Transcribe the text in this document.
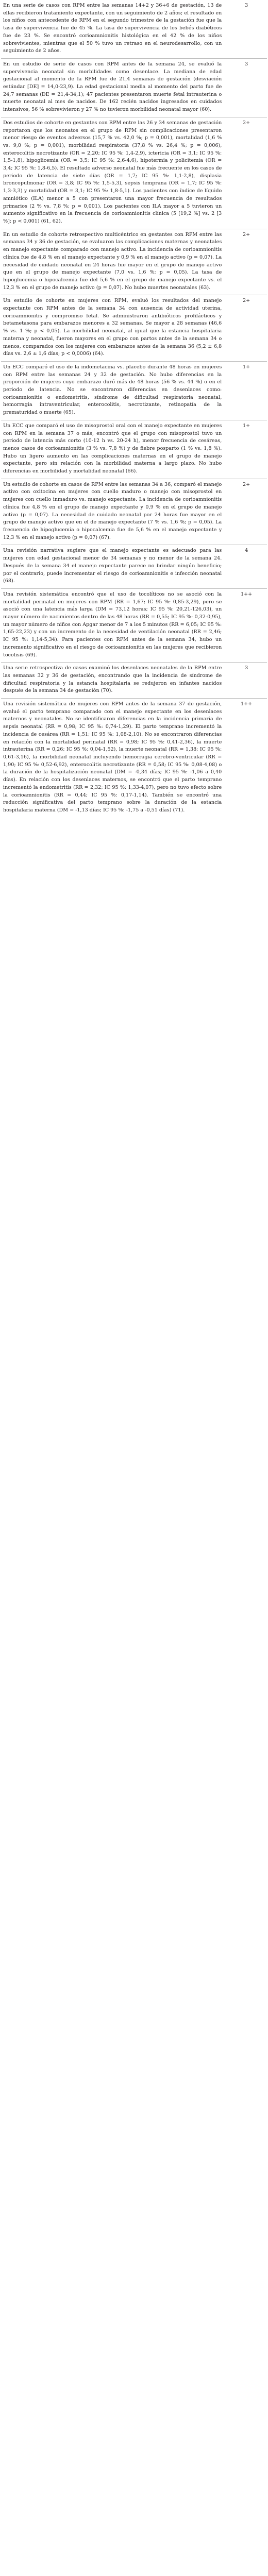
En una serie de casos con RPM entre las semanas 14+2 y 36+6 de gestación, 13 de ellas recibieron tratamiento expectante, con un seguimiento de 2 años; el resultado en los niños con antecedente de RPM en el segundo trimestre de la gestación fue que la tasa de supervivencia fue de 45 %. La tasa de supervivencia de los bebés diabéticos fue de 23 %. Se encontró corioamnionitis histológica en el 42 % de los niños sobrevivientes, mientras que el 50 % tuvo un retraso en el neurodesarrollo, con un seguimiento de 2 años.	3
En un estudio de serie de casos con RPM antes de la semana 24, se evaluó la supervivencia neonatal sin morbilidades como desenlace. La mediana de edad gestacional al momento de la RPM fue de 21,4 semanas de gestación (desviación estándar [DE] = 14,0-23,9). La edad gestacional media al momento del parto fue de 24,7 semanas (DE = 21,4-34,1); 47 pacientes presentaron muerte fetal intrauterina o muerte neonatal al mes de nacidos. De 162 recién nacidos ingresados en cuidados intensivos, 56 % sobrevivieron y 27 % no tuvieron morbilidad neonatal mayor (60).	3
Dos estudios de cohorte en gestantes con RPM entre las 26 y 34 semanas de gestación reportaron que los neonatos en el grupo de RPM sin complicaciones presentaron menor riesgo de eventos adversos (15,7 % vs. 42,0 %; p = 0,001), mortalidad (1,6 % vs. 9,0 %; p = 0,001), morbilidad respiratoria (37,8 % vs. 26,4 %; p = 0,006), enterocolitis necrotizante (OR = 2,20; IC 95 %: 1,4-2,9), ictericia (OR = 3,1; IC 95 %: 1,5-1,8), hipoglicemia (OR = 3,5; IC 95 %: 2,6-4,6), hipotermia y policitemia (OR = 3,4; IC 95 %: 1,8-6,5). El resultado adverso neonatal fue más frecuente en los casos de periodo de latencia de siete días (OR = 1,7; IC 95 %: 1,1-2,8), displasia broncopulmonar (OR = 3,8; IC 95 %: 1,5-5,3), sepsis temprana (OR = 1,7; IC 95 %: 1,3-3,3) y mortalidad (OR = 3,1; IC 95 %: 1,8-5,1). Los pacientes con índice de líquido amniótico (ILA) menor a 5 con presentaron una mayor frecuencia de resultados primarios (2 % vs. 7,8 %; p = 0,001). Los pacientes con ILA mayor a 5 tuvieron un aumento significativo en la frecuencia de corioamnionitis clínica (5 [19,2 %] vs. 2 [3 %]; p < 0,001) (61, 62).	2+
En un estudio de cohorte retrospectivo multicéntrico en gestantes con RPM entre las semanas 34 y 36 de gestación, se evaluaron las complicaciones maternas y neonatales en manejo expectante comparado con manejo activo. La incidencia de corioamnionitis clínica fue de 4,8 % en el manejo expectante y 0,9 % en el manejo activo (p = 0,07). La necesidad de cuidado neonatal en 24 horas fue mayor en el grupo de manejo activo que en el grupo de manejo expectante (7,0 vs. 1,6 %; p = 0,05). La tasa de hipoglucemia o hipocalcemia fue del 5,6 % en el grupo de manejo expectante vs. el 12,3 % en el grupo de manejo activo (p = 0,07). No hubo muertes neonatales (63).	2+
Un estudio de cohorte en mujeres con RPM, evaluó los resultados del manejo expectante con RPM antes de la semana 34 con ausencia de actividad uterina, corioamnionitis y compromiso fetal. Se administraron antibióticos profilácticos y betametasona para embarazos menores a 32 semanas. Se mayor a 28 semanas (46,6 % vs. 1 %; p < 0,05). La morbilidad neonatal, al igual que la estancia hospitalaria materna y neonatal, fueron mayores en el grupo con partos antes de la semana 34 o menos, comparados con los mujeres con embarazos antes de la semana 36 (5,2 ± 6,8 días vs. 2,6 ± 1,6 días; p < 0,0006) (64).	2+
Un ECC comparó el uso de la indometacina vs. placebo durante 48 horas en mujeres con RPM entre las semanas 24 y 32 de gestación. No hubo diferencias en la proporción de mujeres cuyo embarazo duró más de 48 horas (56 % vs. 44 %) o en el periodo de latencia. No se encontraron diferencias en desenlaces como: corioamnionitis o endometritis, síndrome de dificultad respiratoria neonatal, hemorragia intraventricular, enterocolitis, necrotizante, retinopatía de la prematuridad o muerte (65).	1+
Un ECC que comparó el uso de misoprostol oral con el manejo expectante en mujeres con RPM en la semana 37 o más, encontró que el grupo con misoprostol tuvo un periodo de latencia más corto (10-12 h vs. 20-24 h), menor frecuencia de cesáreas, menos casos de corioamnionitis (3 % vs. 7,8 %) y de fiebre posparto (1 % vs. 1,8 %). Hubo un ligero aumento en las complicaciones maternas en el grupo de manejo expectante, pero sin relación con la morbilidad materna a largo plazo. No hubo diferencias en morbilidad y mortalidad neonatal (66).	1+
Un estudio de cohorte en casos de RPM entre las semanas 34 a 36, comparó el manejo activo con oxitocina en mujeres con cuello maduro o manejo con misoprostol en mujeres con cuello inmaduro vs. manejo expectante. La incidencia de corioamnionitis clínica fue 4,8 % en el grupo de manejo expectante y 0,9 % en el grupo de manejo activo (p = 0,07). La necesidad de cuidado neonatal por 24 horas fue mayor en el grupo de manejo activo que en el de manejo expectante (7 % vs. 1,6 %; p = 0,05). La frecuencia de hipoglucemia o hipocalcemia fue de 5,6 % en el manejo expectante y 12,3 % en el manejo activo (p = 0,07) (67).	2+
Una revisión narrativa sugiere que el manejo expectante es adecuado para las mujeres con edad gestacional menor de 34 semanas y no menor de la semana 24. Después de la semana 34 el manejo expectante parece no brindar ningún beneficio; por el contrario, puede incrementar el riesgo de corioamnionitis e infección neonatal (68).	4
Una revisión sistemática encontró que el uso de tocolíticos no se asoció con la mortalidad perinatal en mujeres con RPM (RR = 1,67; IC 95 %: 0,85-3,29), pero se asoció con una latencia más larga (DM = 73,12 horas; IC 95 %: 20,21-126,03), un mayor número de nacimientos dentro de las 48 horas (RR = 0,55; IC 95 %: 0,32-0,95), un mayor número de niños con Apgar menor de 7 a los 5 minutos (RR = 6,05; IC 95 %: 1,65-22,23) y con un incremento de la necesidad de ventilación neonatal (RR = 2,46; IC 95 %: 1,14-5,34). Para pacientes con RPM antes de la semana 34, hubo un incremento significativo en el riesgo de corioamnionitis en las mujeres que recibieron tocolisis (69).	1++
Una serie retrospectiva de casos examinó los desenlaces neonatales de la RPM entre las semanas 32 y 36 de gestación, encontrando que la incidencia de síndrome de dificultad respiratoria y la estancia hospitalaria se redujeron en infantes nacidos después de la semana 34 de gestación (70).	3
Una revisión sistemática de mujeres con RPM antes de la semana 37 de gestación, evaluó el parto temprano comparado con el manejo expectante en los desenlaces maternos y neonatales. No se identificaron diferencias en la incidencia primaria de sepsis neonatal (RR = 0,98; IC 95 %: 0,74-1,29). El parto temprano incrementó la incidencia de cesárea (RR = 1,51; IC 95 %: 1,08-2,10). No se encontraron diferencias en relación con la mortalidad perinatal (RR = 0,98; IC 95 %: 0,41-2,36), la muerte intrauterina (RR = 0,26; IC 95 %: 0,04-1,52), la muerte neonatal (RR = 1,38; IC 95 %: 0,61-3,16), la morbilidad neonatal incluyendo hemorragia cerebro-ventricular (RR = 1,90; IC 95 %: 0,52-6,92), enterocolitis necrotizante (RR = 0,58; IC 95 %: 0,08-4,08) o la duración de la hospitalización neonatal (DM = -0,34 días; IC 95 %: -1,06 a 0,40 días). En relación con los desenlaces maternos, se encontró que el parto temprano incrementó la endometritis (RR = 2,32; IC 95 %: 1,33-4,07), pero no tuvo efecto sobre la corioamnionitis (RR = 0,44; IC 95 %: 0,17-1,14). También se encontró una reducción significativa del parto temprano sobre la duración de la estancia hospitalaria materna (DM = -1,13 días; IC 95 %: -1,75 a -0,51 días) (71).	1++
